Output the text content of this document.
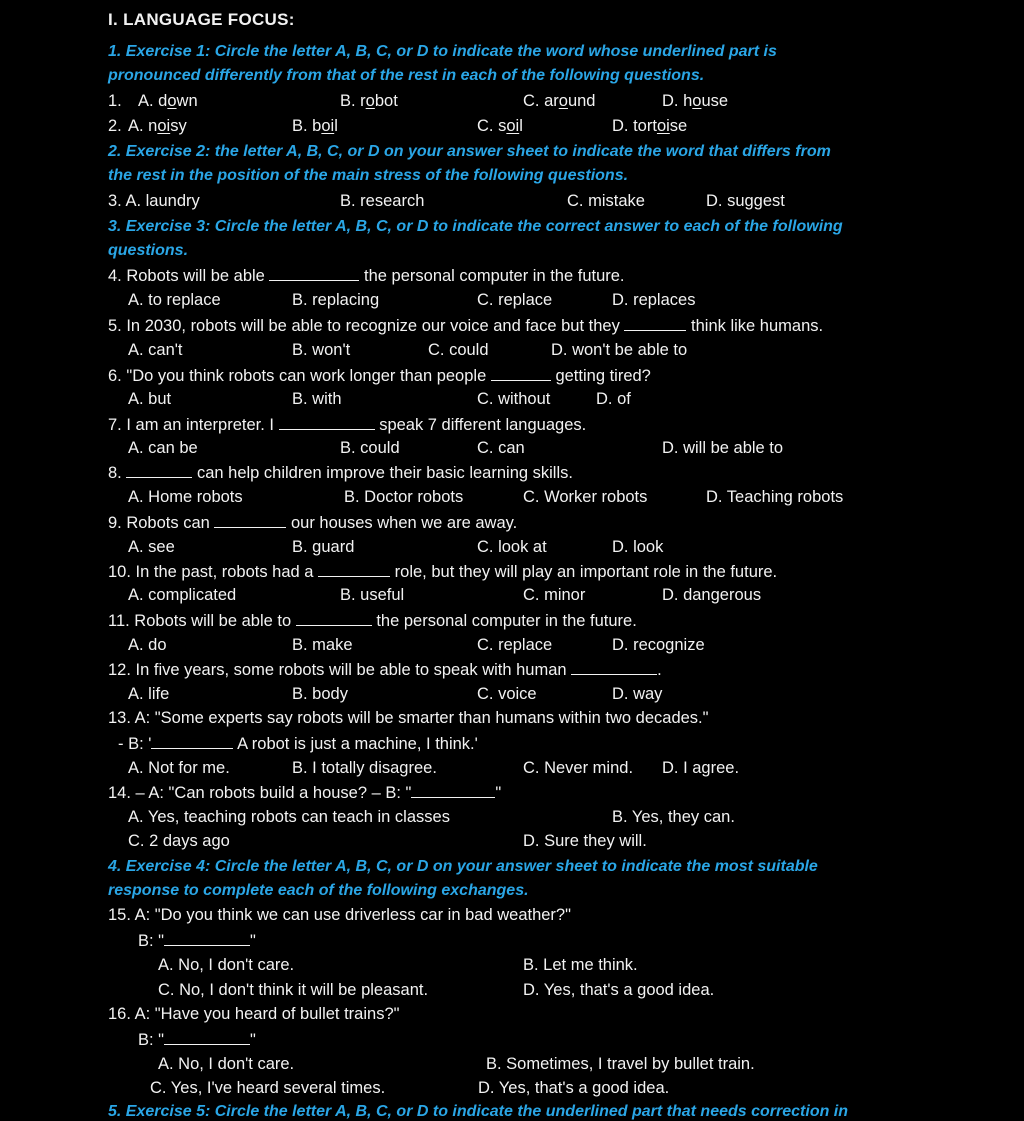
I. LANGUAGE FOCUS:
1. Exercise 1: Circle the letter A, B, C, or D to indicate the word whose underlined part is
pronounced differently from that of the rest in each of the following questions.
1. A. down	B. robot	C. around	D. house
2. A. noisy	B. boil	C. soil	D. tortoise
2. Exercise 2: the letter A, B, C, or D on your answer sheet to indicate the word that differs from
the rest in the position of the main stress of the following questions.
3. A. laundry	B. research	C. mistake	D. suggest
3. Exercise 3: Circle the letter A, B, C, or D to indicate the correct answer to each of the following
questions.
4. Robots will be able	the personal computer in the future.
A. to replace	B. replacing	C. replace	D. replaces
5. In 2030, robots will be able to recognize our voice and face but they	think like humans.
A. can't	B. won't	C. could	D. won't be able to
6. "Do you think robots can work longer than people	getting tired?
A. but	B. with	C. without	D. of
7. I am an interpreter. I	speak 7 different languages.
A. can be	B. could	C. can	D. will be able to
8.	can help children improve their basic learning skills.
A. Home robots	B. Doctor robots	C. Worker robots	D. Teaching robots
9. Robots can	our houses when we are away.
A. see	B. guard	C. look at	D. look
10. In the past, robots had a	role, but they will play an important role in the future.
A. complicated	B. useful	C. minor	D. dangerous
11. Robots will be able to	the personal computer in the future.
A. do	B. make	C. replace	D. recognize
12. In five years, some robots will be able to speak with human	.
A. life	B. body	C. voice	D. way
13. A: "Some experts say robots will be smarter than humans within two decades."
- B: '	A robot is just a machine, I think.'
A. Not for me.	B. I totally disagree.	C. Never mind. D. I agree.
14. – A: "Can robots build a house? – B: "	"
A. Yes, teaching robots can teach in classes	B. Yes, they can.
C. 2 days ago	D. Sure they will.
4. Exercise 4: Circle the letter A, B, C, or D on your answer sheet to indicate the most suitable
response to complete each of the following exchanges.
15. A: "Do you think we can use driverless car in bad weather?"
B: "	"
A. No, I don't care.	B. Let me think.
C. No, I don't think it will be pleasant.	D. Yes, that's a good idea.
16. A: "Have you heard of bullet trains?"
B: "	"
A. No, I don't care.	B. Sometimes, I travel by bullet train.
C. Yes, I've heard several times.	D. Yes, that's a good idea.
5. Exercise 5: Circle the letter A, B, C, or D to indicate the underlined part that needs correction in
